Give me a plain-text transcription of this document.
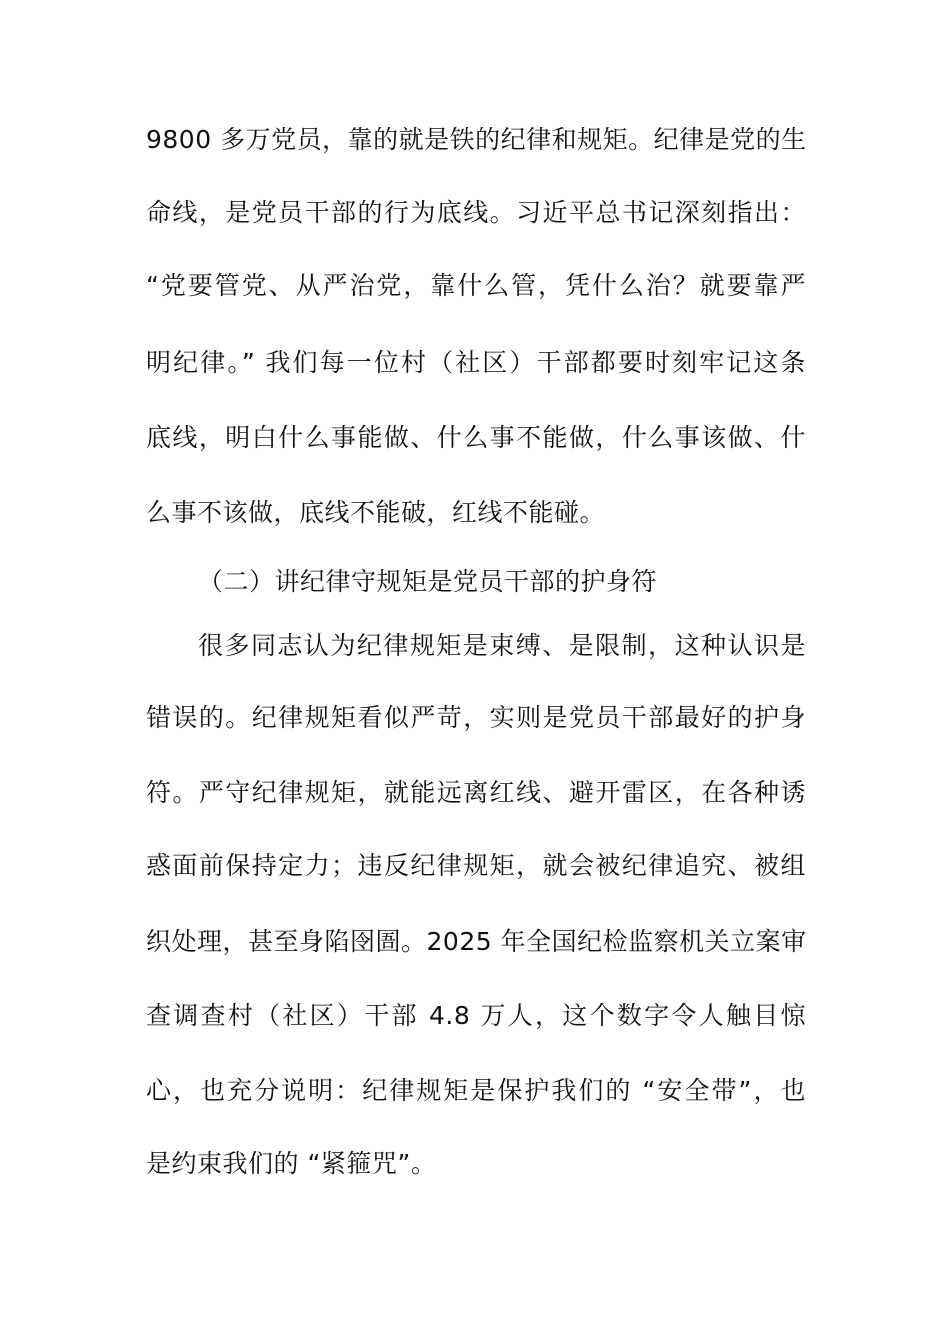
9800 多万党员，靠的就是铁的纪律和规矩。纪律是党的生
命线，是党员干部的行为底线。习近平总书记深刻指出：
“党要管党、从严治党，靠什么管，凭什么治？就要靠严
明纪律。” 我们每一位村（社区）干部都要时刻牢记这条
底线，明白什么事能做、什么事不能做，什么事该做、什
么事不该做，底线不能破，红线不能碰。
（二）讲纪律守规矩是党员干部的护身符
很多同志认为纪律规矩是束缚、是限制，这种认识是
错误的。纪律规矩看似严苛，实则是党员干部最好的护身
符。严守纪律规矩，就能远离红线、避开雷区，在各种诱
惑面前保持定力；违反纪律规矩，就会被纪律追究、被组
织处理，甚至身陷囹圄。2025 年全国纪检监察机关立案审
查调查村（社区）干部 4.8 万人，这个数字令人触目惊
心，也充分说明：纪律规矩是保护我们的 “安全带”，也
是约束我们的 “紧箍咒”。
